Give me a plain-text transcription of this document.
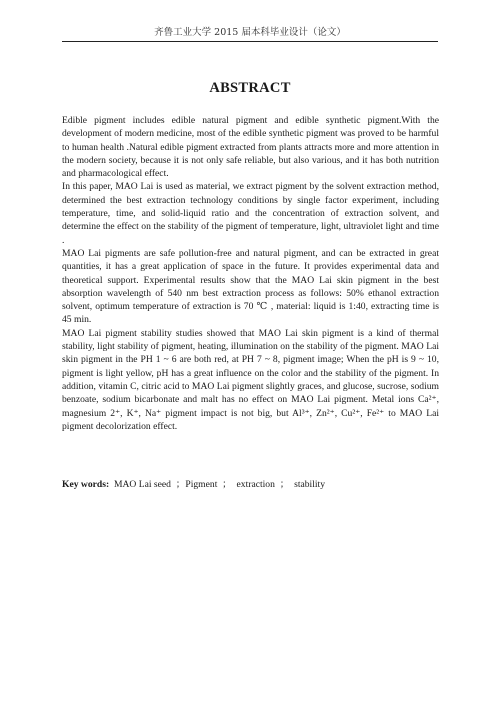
齐鲁工业大学 2015 届本科毕业设计（论文）
ABSTRACT

Edible pigment includes edible natural pigment and edible synthetic pigment.With the development of modern medicine, most of the edible synthetic pigment was proved to be harmful to human health .Natural edible pigment extracted from plants attracts more and more attention in the modern society, because it is not only safe reliable, but also various, and it has both nutrition and pharmacological effect.

In this paper, MAO Lai is used as material, we extract pigment by the solvent extraction method, determined the best extraction technology conditions by single factor experiment, including temperature, time, and solid-liquid ratio and the concentration of extraction solvent, and determine the effect on the stability of the pigment of temperature, light, ultraviolet light and time .

MAO Lai pigments are safe pollution-free and natural pigment, and can be extracted in great quantities, it has a great application of space in the future. It provides experimental data and theoretical support. Experimental results show that the MAO Lai skin pigment in the best absorption wavelength of 540 nm best extraction process as follows: 50% ethanol extraction solvent, optimum temperature of extraction is 70 ℃ , material: liquid is 1:40, extracting time is 45 min.

MAO Lai pigment stability studies showed that MAO Lai skin pigment is a kind of thermal stability, light stability of pigment, heating, illumination on the stability of the pigment. MAO Lai skin pigment in the PH 1 ~ 6 are both red, at PH 7 ~ 8, pigment image; When the pH is 9 ~ 10, pigment is light yellow, pH has a great influence on the color and the stability of the pigment. In addition, vitamin C, citric acid to MAO Lai pigment slightly graces, and glucose, sucrose, sodium benzoate, sodium bicarbonate and malt has no effect on MAO Lai pigment. Metal ions Ca²⁺, magnesium 2⁺, K⁺, Na⁺ pigment impact is not big, but Al³⁺, Zn²⁺, Cu²⁺, Fe²⁺ to MAO Lai pigment decolorization effect.

Key words:  MAO Lai seed  ；Pigment  ；  extraction  ；  stability
